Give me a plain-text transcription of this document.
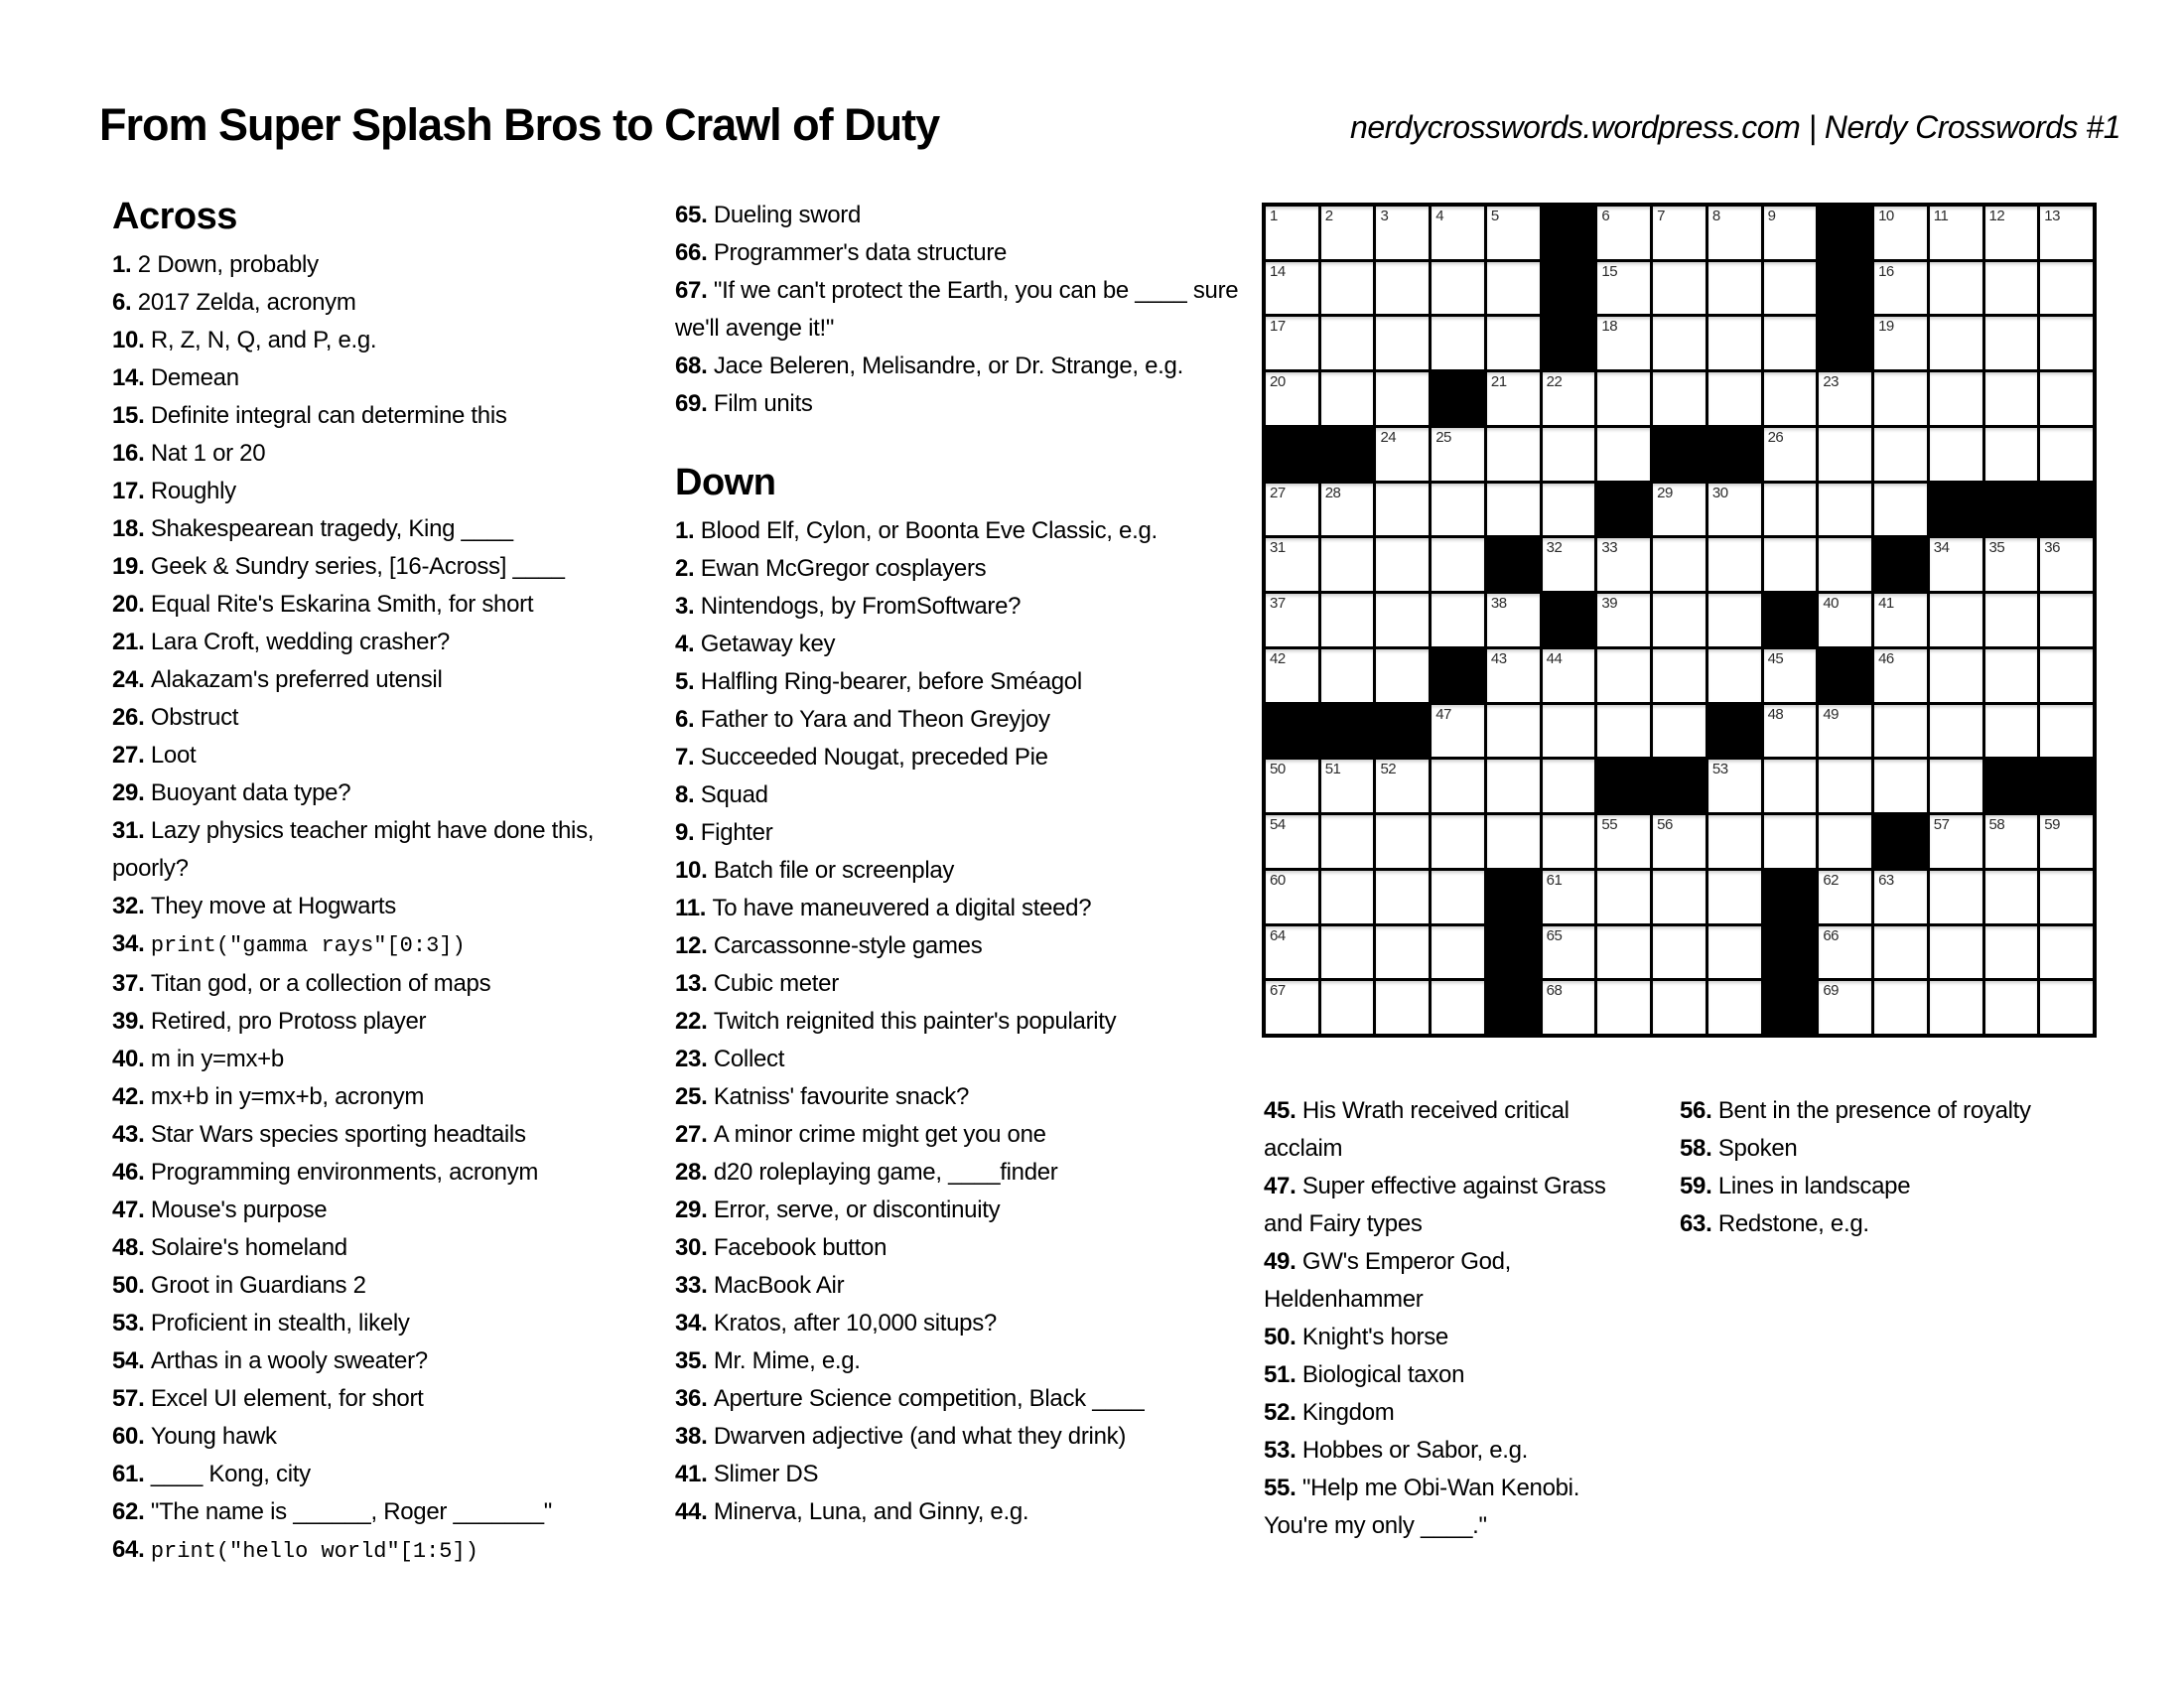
From Super Splash Bros to Crawl of Duty	nerdycrosswords.wordpress.com | Nerdy Crosswords #1
Across
1. 2 Down, probably
6. 2017 Zelda, acronym
10. R, Z, N, Q, and P, e.g.
14. Demean
15. Definite integral can determine this
16. Nat 1 or 20
17. Roughly
18. Shakespearean tragedy, King ____
19. Geek & Sundry series, [16-Across] ____
20. Equal Rite's Eskarina Smith, for short
21. Lara Croft, wedding crasher?
24. Alakazam's preferred utensil
26. Obstruct
27. Loot
29. Buoyant data type?
31. Lazy physics teacher might have done this, poorly?
32. They move at Hogwarts
34. print("gamma rays"[0:3])
37. Titan god, or a collection of maps
39. Retired, pro Protoss player
40. m in y=mx+b
42. mx+b in y=mx+b, acronym
43. Star Wars species sporting headtails
46. Programming environments, acronym
47. Mouse's purpose
48. Solaire's homeland
50. Groot in Guardians 2
53. Proficient in stealth, likely
54. Arthas in a wooly sweater?
57. Excel UI element, for short
60. Young hawk
61. ____ Kong, city
62. "The name is ______, Roger _______"
64. print("hello world"[1:5])
65. Dueling sword
66. Programmer's data structure
67. "If we can't protect the Earth, you can be ____ sure we'll avenge it!"
68. Jace Beleren, Melisandre, or Dr. Strange, e.g.
69. Film units
Down
1. Blood Elf, Cylon, or Boonta Eve Classic, e.g.
2. Ewan McGregor cosplayers
3. Nintendogs, by FromSoftware?
4. Getaway key
5. Halfling Ring-bearer, before Sméagol
6. Father to Yara and Theon Greyjoy
7. Succeeded Nougat, preceded Pie
8. Squad
9. Fighter
10. Batch file or screenplay
11. To have maneuvered a digital steed?
12. Carcassonne-style games
13. Cubic meter
22. Twitch reignited this painter's popularity
23. Collect
25. Katniss' favourite snack?
27. A minor crime might get you one
28. d20 roleplaying game, ____finder
29. Error, serve, or discontinuity
30. Facebook button
33. MacBook Air
34. Kratos, after 10,000 situps?
35. Mr. Mime, e.g.
36. Aperture Science competition, Black ____
38. Dwarven adjective (and what they drink)
41. Slimer DS
44. Minerva, Luna, and Ginny, e.g.
45. His Wrath received critical acclaim
47. Super effective against Grass and Fairy types
49. GW's Emperor God, Heldenhammer
50. Knight's horse
51. Biological taxon
52. Kingdom
53. Hobbes or Sabor, e.g.
55. "Help me Obi-Wan Kenobi. You're my only ____."
56. Bent in the presence of royalty
58. Spoken
59. Lines in landscape
63. Redstone, e.g.
1	2	3	4	5	6	7	8	9	10	11	12	13
14	15	16
17	18	19
20	21	22	23
24	25	26
27	28	29	30
31	32	33	34	35	36
37	38	39	40	41
42	43	44	45	46
47	48	49
50	51	52	53
54	55	56	57	58	59
60	61	62	63
64	65	66
67	68	69
